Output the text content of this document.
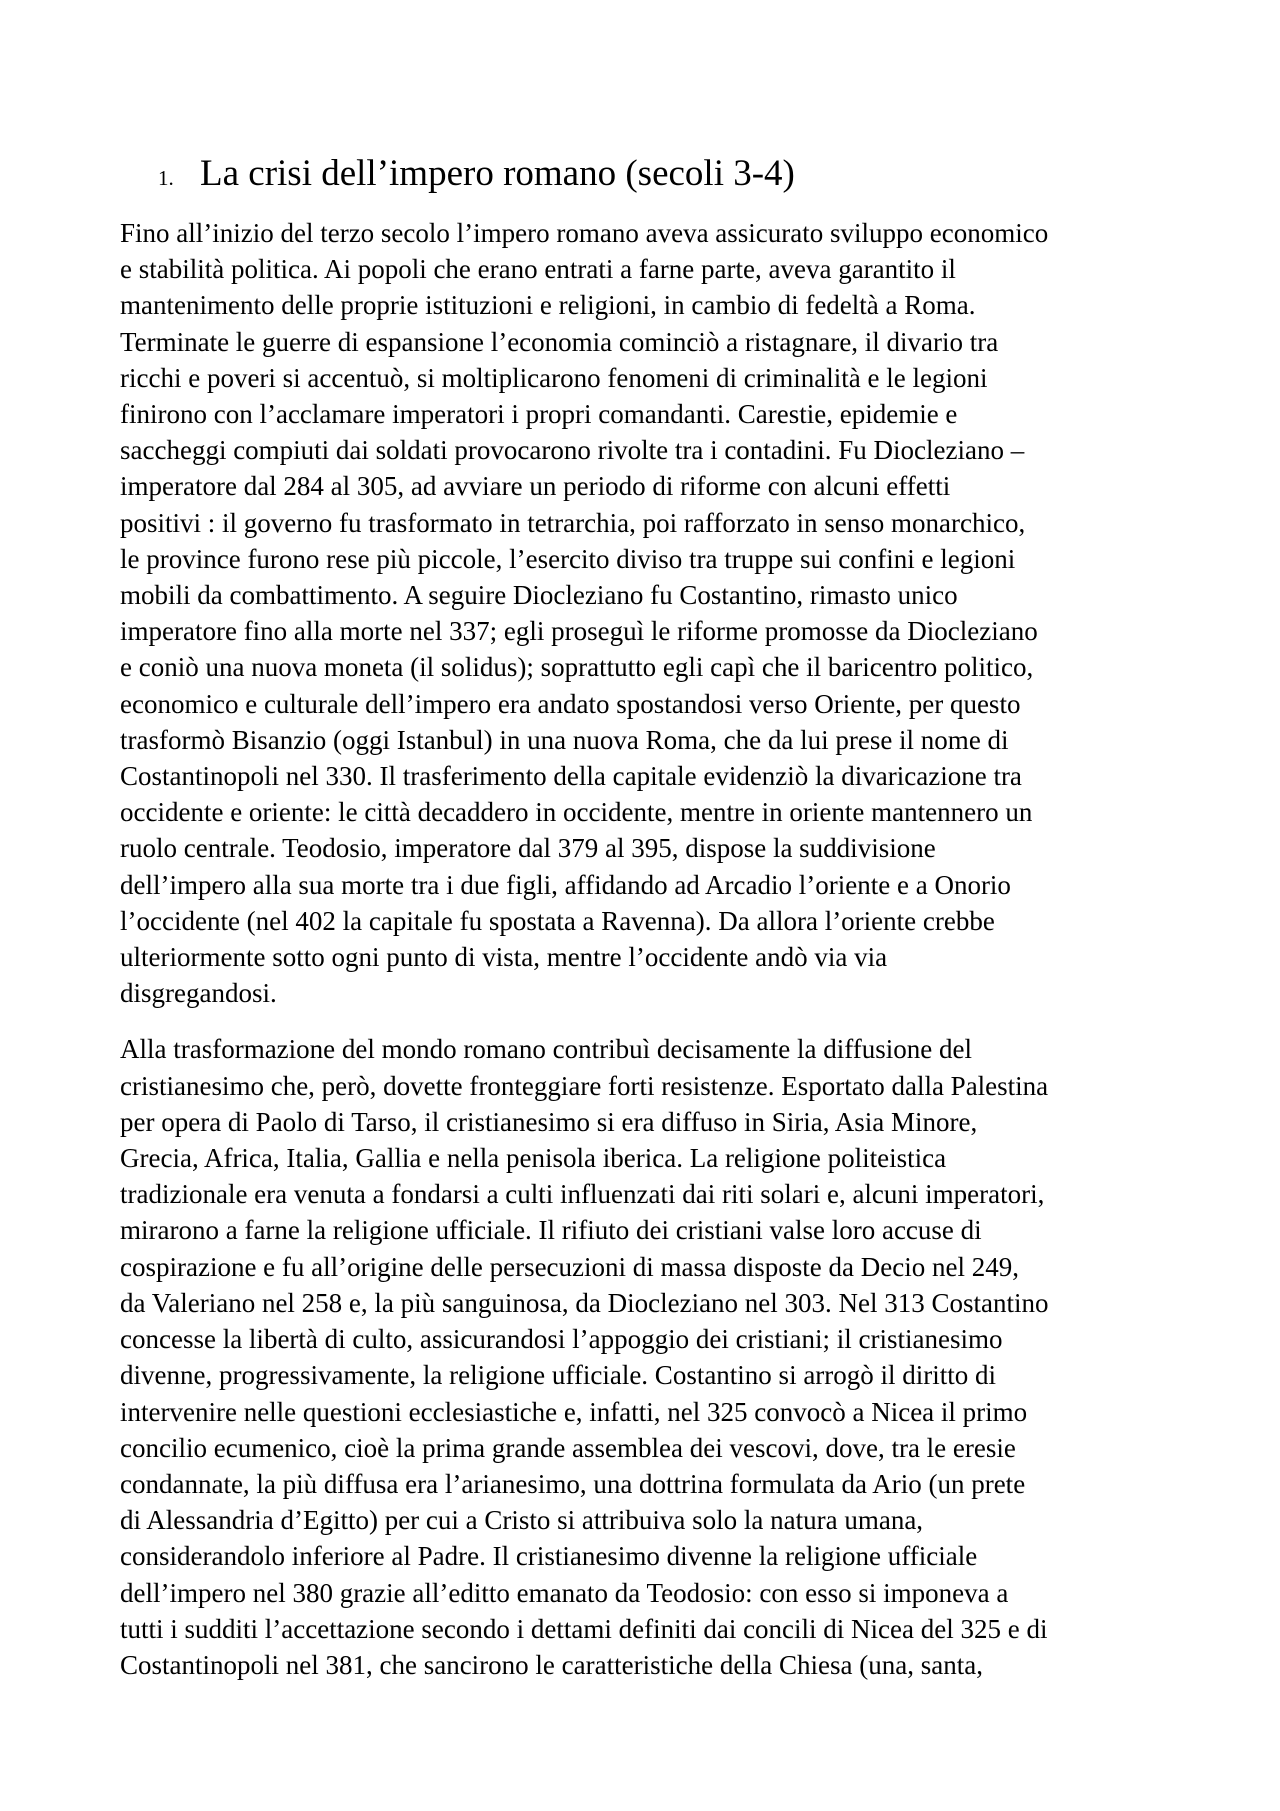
1. La crisi dell’impero romano (secoli 3-4)

Fino all’inizio del terzo secolo l’impero romano aveva assicurato sviluppo economico
e stabilità politica. Ai popoli che erano entrati a farne parte, aveva garantito il
mantenimento delle proprie istituzioni e religioni, in cambio di fedeltà a Roma.
Terminate le guerre di espansione l’economia cominciò a ristagnare, il divario tra
ricchi e poveri si accentuò, si moltiplicarono fenomeni di criminalità e le legioni
finirono con l’acclamare imperatori i propri comandanti. Carestie, epidemie e
saccheggi compiuti dai soldati provocarono rivolte tra i contadini. Fu Diocleziano –
imperatore dal 284 al 305, ad avviare un periodo di riforme con alcuni effetti
positivi : il governo fu trasformato in tetrarchia, poi rafforzato in senso monarchico,
le province furono rese più piccole, l’esercito diviso tra truppe sui confini e legioni
mobili da combattimento. A seguire Diocleziano fu Costantino, rimasto unico
imperatore fino alla morte nel 337; egli proseguì le riforme promosse da Diocleziano
e coniò una nuova moneta (il solidus); soprattutto egli capì che il baricentro politico,
economico e culturale dell’impero era andato spostandosi verso Oriente, per questo
trasformò Bisanzio (oggi Istanbul) in una nuova Roma, che da lui prese il nome di
Costantinopoli nel 330. Il trasferimento della capitale evidenziò la divaricazione tra
occidente e oriente: le città decaddero in occidente, mentre in oriente mantennero un
ruolo centrale. Teodosio, imperatore dal 379 al 395, dispose la suddivisione
dell’impero alla sua morte tra i due figli, affidando ad Arcadio l’oriente e a Onorio
l’occidente (nel 402 la capitale fu spostata a Ravenna). Da allora l’oriente crebbe
ulteriormente sotto ogni punto di vista, mentre l’occidente andò via via
disgregandosi.

Alla trasformazione del mondo romano contribuì decisamente la diffusione del
cristianesimo che, però, dovette fronteggiare forti resistenze. Esportato dalla Palestina
per opera di Paolo di Tarso, il cristianesimo si era diffuso in Siria, Asia Minore,
Grecia, Africa, Italia, Gallia e nella penisola iberica. La religione politeistica
tradizionale era venuta a fondarsi a culti influenzati dai riti solari e, alcuni imperatori,
mirarono a farne la religione ufficiale. Il rifiuto dei cristiani valse loro accuse di
cospirazione e fu all’origine delle persecuzioni di massa disposte da Decio nel 249,
da Valeriano nel 258 e, la più sanguinosa, da Diocleziano nel 303. Nel 313 Costantino
concesse la libertà di culto, assicurandosi l’appoggio dei cristiani; il cristianesimo
divenne, progressivamente, la religione ufficiale. Costantino si arrogò il diritto di
intervenire nelle questioni ecclesiastiche e, infatti, nel 325 convocò a Nicea il primo
concilio ecumenico, cioè la prima grande assemblea dei vescovi, dove, tra le eresie
condannate, la più diffusa era l’arianesimo, una dottrina formulata da Ario (un prete
di Alessandria d’Egitto) per cui a Cristo si attribuiva solo la natura umana,
considerandolo inferiore al Padre. Il cristianesimo divenne la religione ufficiale
dell’impero nel 380 grazie all’editto emanato da Teodosio: con esso si imponeva a
tutti i sudditi l’accettazione secondo i dettami definiti dai concili di Nicea del 325 e di
Costantinopoli nel 381, che sancirono le caratteristiche della Chiesa (una, santa,
